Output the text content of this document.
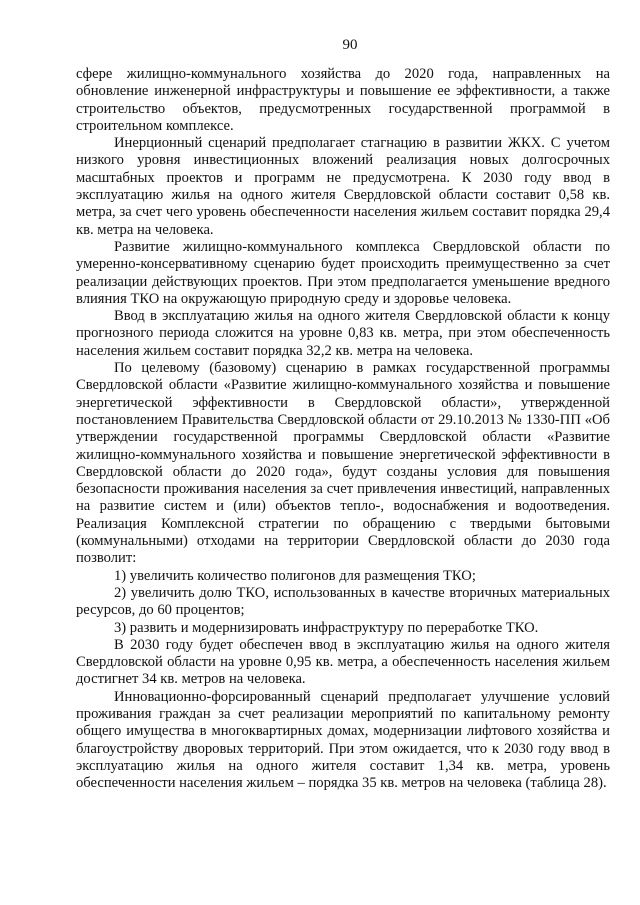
90

сфере жилищно-коммунального хозяйства до 2020 года, направленных на обновление инженерной инфраструктуры и повышение ее эффективности, а также строительство объектов, предусмотренных государственной программой в строительном комплексе.

Инерционный сценарий предполагает стагнацию в развитии ЖКХ. С учетом низкого уровня инвестиционных вложений реализация новых долгосрочных масштабных проектов и программ не предусмотрена. К 2030 году ввод в эксплуатацию жилья на одного жителя Свердловской области составит 0,58 кв. метра, за счет чего уровень обеспеченности населения жильем составит порядка 29,4 кв. метра на человека.

Развитие жилищно-коммунального комплекса Свердловской области по умеренно-консервативному сценарию будет происходить преимущественно за счет реализации действующих проектов. При этом предполагается уменьшение вредного влияния ТКО на окружающую природную среду и здоровье человека.

Ввод в эксплуатацию жилья на одного жителя Свердловской области к концу прогнозного периода сложится на уровне 0,83 кв. метра, при этом обеспеченность населения жильем составит порядка 32,2 кв. метра на человека.

По целевому (базовому) сценарию в рамках государственной программы Свердловской области «Развитие жилищно-коммунального хозяйства и повышение энергетической эффективности в Свердловской области», утвержденной постановлением Правительства Свердловской области от 29.10.2013 № 1330-ПП «Об утверждении государственной программы Свердловской области «Развитие жилищно-коммунального хозяйства и повышение энергетической эффективности в Свердловской области до 2020 года», будут созданы условия для повышения безопасности проживания населения за счет привлечения инвестиций, направленных на развитие систем и (или) объектов тепло-, водоснабжения и водоотведения. Реализация Комплексной стратегии по обращению с твердыми бытовыми (коммунальными) отходами на территории Свердловской области до 2030 года позволит:

1) увеличить количество полигонов для размещения ТКО;

2) увеличить долю ТКО, использованных в качестве вторичных материальных ресурсов, до 60 процентов;

3) развить и модернизировать инфраструктуру по переработке ТКО.

В 2030 году будет обеспечен ввод в эксплуатацию жилья на одного жителя Свердловской области на уровне 0,95 кв. метра, а обеспеченность населения жильем достигнет 34 кв. метров на человека.

Инновационно-форсированный сценарий предполагает улучшение условий проживания граждан за счет реализации мероприятий по капитальному ремонту общего имущества в многоквартирных домах, модернизации лифтового хозяйства и благоустройству дворовых территорий. При этом ожидается, что к 2030 году ввод в эксплуатацию жилья на одного жителя составит 1,34 кв. метра, уровень обеспеченности населения жильем – порядка 35 кв. метров на человека (таблица 28).
